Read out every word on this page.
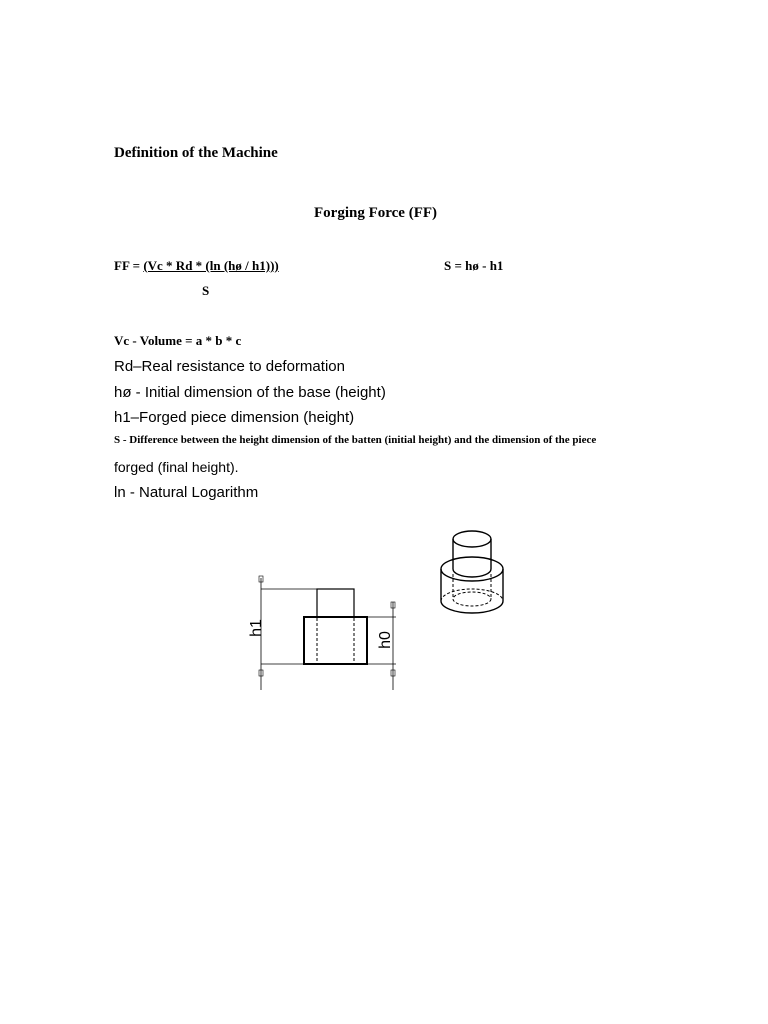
Definition of the Machine
Forging Force (FF)
FF = (Vc * Rd * (ln (hø / h1)))	S = hø - h1
S
Vc - Volume = a * b * c
Rd–Real resistance to deformation
hø - Initial dimension of the base (height)
h1–Forged piece dimension (height)
S - Difference between the height dimension of the batten (initial height) and the dimension of the piece
forged (final height).
ln - Natural Logarithm
h1
h0
